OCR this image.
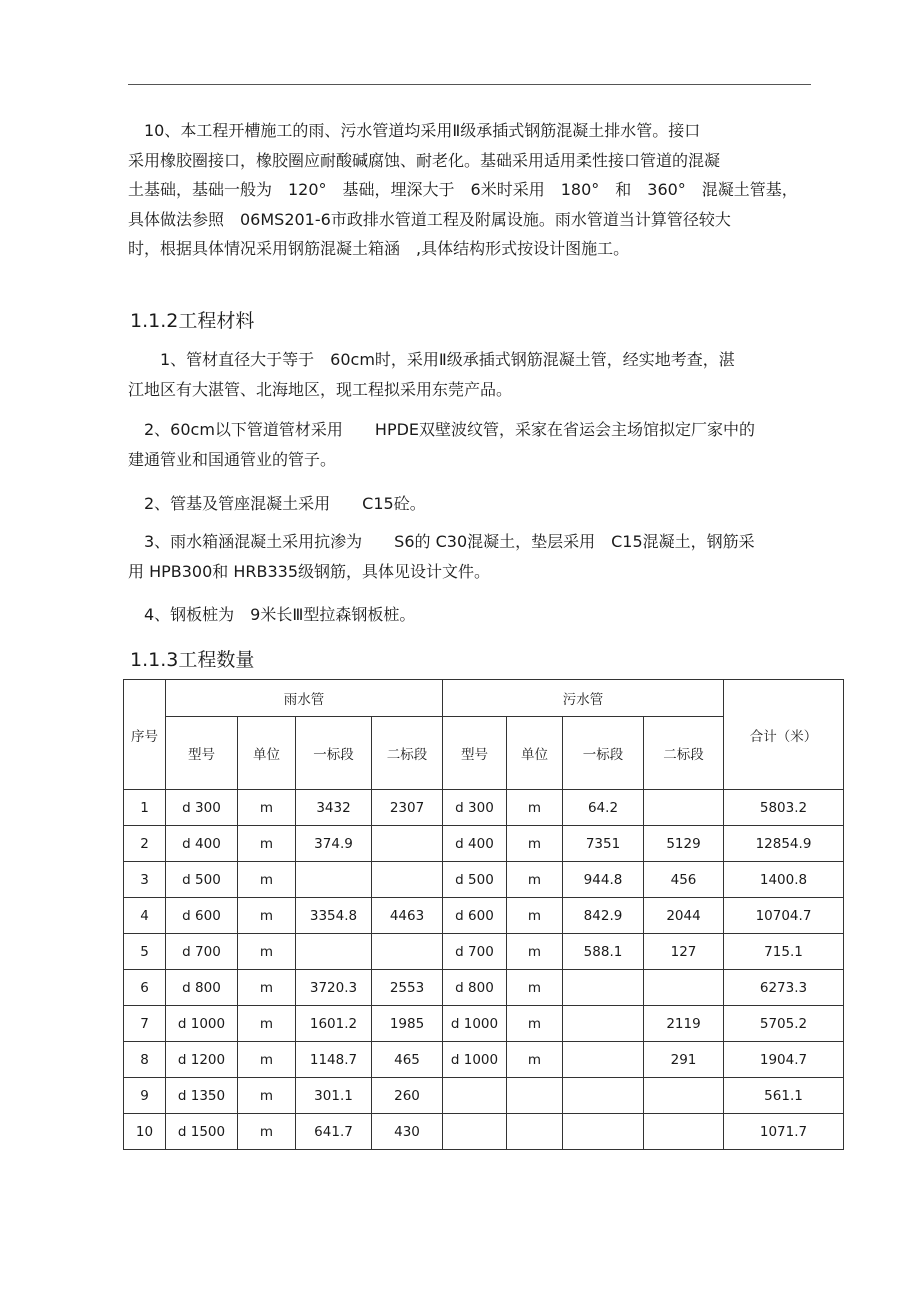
　10、本工程开槽施工的雨、污水管道均采用Ⅱ级承插式钢筋混凝土排水管。接口
采用橡胶圈接口，橡胶圈应耐酸碱腐蚀、耐老化。基础采用适用柔性接口管道的混凝
土基础，基础一般为　120°　基础，埋深大于　6米时采用　180°　和　360°　混凝土管基，
具体做法参照　06MS201-6市政排水管道工程及附属设施。雨水管道当计算管径较大
时，根据具体情况采用钢筋混凝土箱涵　,具体结构形式按设计图施工。
1.1.2工程材料
　　1、管材直径大于等于　60cm时，采用Ⅱ级承插式钢筋混凝土管，经实地考查，湛
江地区有大湛管、北海地区，现工程拟采用东莞产品。
　2、60cm以下管道管材采用　　HPDE双壁波纹管，采家在省运会主场馆拟定厂家中的
建通管业和国通管业的管子。
　2、管基及管座混凝土采用　　C15砼。
　3、雨水箱涵混凝土采用抗渗为　　S6的 C30混凝土，垫层采用　C15混凝土，钢筋采
用 HPB300和 HRB335级钢筋，具体见设计文件。
　4、钢板桩为　9米长Ⅲ型拉森钢板桩。
1.1.3工程数量
序号	雨水管				污水管				合计（米）
	型号	单位	一标段	二标段	型号	单位	一标段	二标段	
1	d 300	m	3432	2307	d 300	m	64.2		5803.2
2	d 400	m	374.9		d 400	m	7351	5129	12854.9
3	d 500	m			d 500	m	944.8	456	1400.8
4	d 600	m	3354.8	4463	d 600	m	842.9	2044	10704.7
5	d 700	m			d 700	m	588.1	127	715.1
6	d 800	m	3720.3	2553	d 800	m			6273.3
7	d 1000	m	1601.2	1985	d 1000	m		2119	5705.2
8	d 1200	m	1148.7	465	d 1000	m		291	1904.7
9	d 1350	m	301.1	260					561.1
10	d 1500	m	641.7	430					1071.7
